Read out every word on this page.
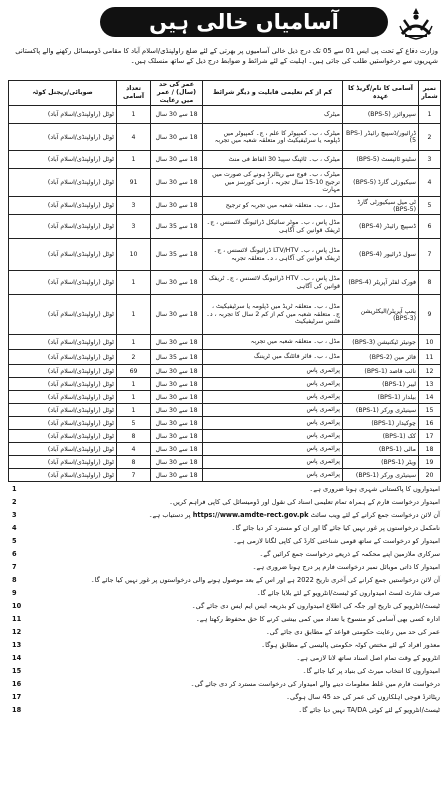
آسامیاں خالی ہیں
وزارت دفاع کے تحت پی ایس 01 سے 05 تک درج ذیل خالی آسامیوں پر بھرتی کے لئے ضلع راولپنڈی/اسلام آباد کا مقامی ڈومیسائل رکھنے والے پاکستانی شہریوں سے درخواستیں طلب کی جاتی ہیں۔ اہلیت کے لئے شرائط و ضوابط درج ذیل کے ساتھ منسلک ہیں۔
نمبر شمار	آسامی کا نام/گریڈ کا عہدہ	کم از کم تعلیمی قابلیت و دیگر شرائط	عمر کی حد (سال) / عمر میں رعایت	تعداد آسامی	صوبائی/ریجنل کوٹہ
1	سپروائزر (BPS-5)	میٹرک	18 سے 30 سال	1	ٹوٹل (راولپنڈی/اسلام آباد)
2	ڈرائیور/ڈسپیچ رائیڈر (BPS-5)	میٹرک ، ب۔ کمپیوٹر کا علم ، ج۔ کمپیوٹر میں ڈپلومہ یا سرٹیفیکیٹ اور متعلقہ شعبہ میں تجربہ	18 سے 30 سال	4	ٹوٹل (راولپنڈی/اسلام آباد)
3	سٹینو ٹائپسٹ (BPS-5)	میٹرک ، ب۔ ٹائپنگ سپیڈ 30 الفاظ فی منٹ	18 سے 30 سال	1	ٹوٹل (راولپنڈی/اسلام آباد)
4	سیکیورٹی گارڈ (BPS-5)	میٹرک ، ب۔ فوج سے ریٹائرڈ ہونے کی صورت میں ترجیح 10-15 سال تجربہ ، آرمی کورسز میں مہارت	18 سے 30 سال	91	ٹوٹل (راولپنڈی/اسلام آباد)
5	ٹی میل سیکیورٹی گارڈ (BPS-5)	مڈل ، ب۔ متعلقہ شعبہ میں تجربہ کو ترجیح	18 سے 30 سال	3	ٹوٹل (راولپنڈی/اسلام آباد)
6	ڈسپیچ رائیڈر (BPS-4)	مڈل پاس ، ب۔ موٹر سائیکل ڈرائیونگ لائسنس ، ج۔ ٹریفک قوانین کی آگاہی	18 سے 35 سال	3	ٹوٹل (راولپنڈی/اسلام آباد)
7	سول ڈرائیور (BPS-4)	مڈل پاس ، ب۔ LTV/HTV ڈرائیونگ لائسنس ، ج۔ ٹریفک قوانین کی آگاہی ، د۔ متعلقہ تجربہ	18 سے 35 سال	10	ٹوٹل (راولپنڈی/اسلام آباد)
8	فورک لفٹر آپریٹر (BPS-4)	مڈل پاس ، ب۔ HTV ڈرائیونگ لائسنس ، ج۔ ٹریفک قوانین کی آگاہی	18 سے 30 سال	1	ٹوٹل (راولپنڈی/اسلام آباد)
9	پمپ آپریٹر/الیکٹریشن (BPS-3)	مڈل ، ب۔ متعلقہ ٹریڈ میں ڈپلومہ یا سرٹیفیکیٹ ، ج۔ متعلقہ شعبہ میں کم از کم 2 سال کا تجربہ ، د۔ فٹنس سرٹیفیکیٹ	18 سے 30 سال	1	ٹوٹل (راولپنڈی/اسلام آباد)
10	جونیئر ٹیکنیشن (BPS-3)	مڈل ، ب۔ متعلقہ شعبہ میں تجربہ	18 سے 30 سال	1	ٹوٹل (راولپنڈی/اسلام آباد)
11	فائر مین (BPS-2)	مڈل ، ب۔ فائر فائٹنگ میں ٹریننگ	18 سے 35 سال	2	ٹوٹل (راولپنڈی/اسلام آباد)
12	نائب قاصد (BPS-1)	پرائمری پاس	18 سے 30 سال	69	ٹوٹل (راولپنڈی/اسلام آباد)
13	لیبر (BPS-1)	پرائمری پاس	18 سے 30 سال	1	ٹوٹل (راولپنڈی/اسلام آباد)
14	بیلدار (BPS-1)	پرائمری پاس	18 سے 30 سال	1	ٹوٹل (راولپنڈی/اسلام آباد)
15	سینیٹری ورکر (BPS-1)	پرائمری پاس	18 سے 30 سال	1	ٹوٹل (راولپنڈی/اسلام آباد)
16	چوکیدار (BPS-1)	پرائمری پاس	18 سے 30 سال	5	ٹوٹل (راولپنڈی/اسلام آباد)
17	کک (BPS-1)	پرائمری پاس	18 سے 30 سال	8	ٹوٹل (راولپنڈی/اسلام آباد)
18	مالی (BPS-1)	پرائمری پاس	18 سے 30 سال	4	ٹوٹل (راولپنڈی/اسلام آباد)
19	ویٹر (BPS-1)	پرائمری پاس	18 سے 30 سال	8	ٹوٹل (راولپنڈی/اسلام آباد)
20	سینیٹری ورکر (BPS-1)	پرائمری پاس	18 سے 30 سال	7	ٹوٹل (راولپنڈی/اسلام آباد)
امیدواروں کا پاکستانی شہری ہونا ضروری ہے۔
1
امیدوار درخواست فارم کے ہمراہ تمام تعلیمی اسناد کی نقول اور ڈومیسائل کی کاپی فراہم کریں۔
2
آن لائن درخواست جمع کرانے کے لئے ویب سائٹ https://www.amdte-rect.gov.pk پر دستیاب ہے۔
3
نامکمل درخواستوں پر غور نہیں کیا جائے گا اور ان کو مسترد کر دیا جائے گا۔
4
امیدوار کو درخواست کے ساتھ قومی شناختی کارڈ کی کاپی لگانا لازمی ہے۔
5
سرکاری ملازمین اپنے محکمہ کے ذریعے درخواست جمع کرائیں گے۔
6
امیدوار کا ذاتی موبائل نمبر درخواست فارم پر درج ہونا ضروری ہے۔
7
آن لائن درخواستیں جمع کرانے کی آخری تاریخ 2022 ہے اور اس کے بعد موصول ہونے والی درخواستوں پر غور نہیں کیا جائے گا۔
8
صرف شارٹ لسٹ امیدواروں کو ٹیسٹ/انٹرویو کے لئے بلایا جائے گا۔
9
ٹیسٹ/انٹرویو کی تاریخ اور جگہ کی اطلاع امیدواروں کو بذریعہ ایس ایم ایس دی جائے گی۔
10
ادارہ کسی بھی آسامی کو منسوخ یا تعداد میں کمی بیشی کرنے کا حق محفوظ رکھتا ہے۔
11
عمر کی حد میں رعایت حکومتی قواعد کے مطابق دی جائے گی۔
12
معذور افراد کے لئے مختص کوٹہ حکومتی پالیسی کے مطابق ہوگا۔
13
انٹرویو کے وقت تمام اصل اسناد ساتھ لانا لازمی ہے۔
14
امیدواروں کا انتخاب میرٹ کی بنیاد پر کیا جائے گا۔
15
درخواست فارم میں غلط معلومات دینے والے امیدوار کی درخواست مسترد کر دی جائے گی۔
16
ریٹائرڈ فوجی اہلکاروں کی عمر کی حد 45 سال ہوگی۔
17
ٹیسٹ/انٹرویو کے لئے کوئی TA/DA نہیں دیا جائے گا۔
18
